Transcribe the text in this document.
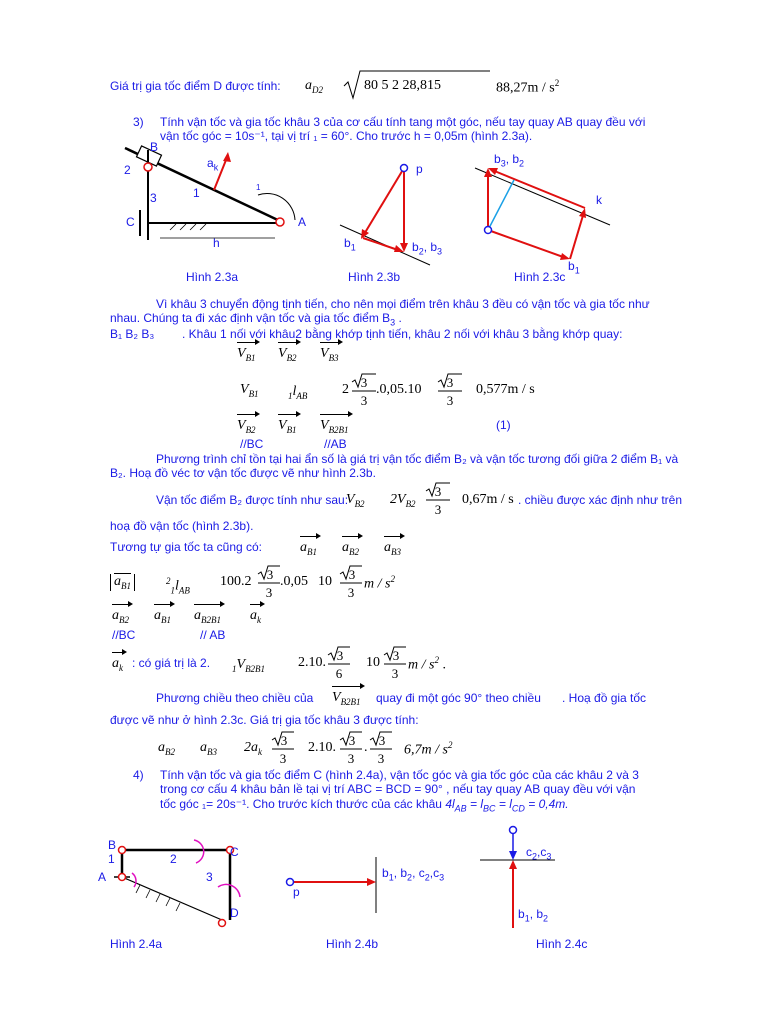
Giá trị gia tốc điểm D được tính: $a_{D2}$	80 5 2 28,815	$88,27m / s^2$
3) Tính vận tốc và gia tốc khâu 3 của cơ cấu tính tang một góc, nếu tay quay AB quay đều với
vận tốc góc = 10s⁻¹, tại vị trí ₁ = 60°. Cho trước h = 0,05m (hình 2.3a).
B
2
3	1
C	A
h
$a_k$
1
Hình 2.3a
p
$b_1$	$b_2$, $b_3$
Hình 2.3b
$b_3$, $b_2$
k
$b_1$
Hình 2.3c
Vì khâu 3 chuyển động tịnh tiến, cho nên mọi điểm trên khâu 3 đều có vận tốc và gia tốc như
nhau. Chúng ta đi xác định vận tốc và gia tốc điểm $B_3$ .
B₁ B₂ B₃ . Khâu 1 nối với khâu2 bằng khớp tịnh tiến, khâu 2 nối với khâu 3 bằng khớp quay:
$V_{B1}$ $V_{B2}$ $V_{B3}$
$V_{B1}$	$_1l_{AB}$ 2 3
3
.0,05.10 3
3
0,577m / s
$V_{B2}$ $V_{B1}$ $V_{B2B1}$	(1)
//BC	//AB
Phương trình chỉ tồn tại hai ẩn số là giá trị vận tốc điểm B₂ và vận tốc tương đối giữa 2 điểm B₁ và
B₂. Hoạ đồ véc tơ vận tốc được vẽ như hình 2.3b.
Vận tốc điểm B₂ được tính như sau:
$V_{B2}$ $2V_{B2}$
3
3
0,67m / s . chiều được xác định như trên
hoạ đồ vận tốc (hình 2.3b).
Tương tự gia tốc ta cũng có:	$a_{B1}$ $a_{B2}$ $a_{B3}$
$a_{B1}$	$^2_1l_{AB}$
100.2 3
3
.0,05 10 3
3
m / $s^2$
$a_{B2}$ $a_{B1}$ $a_{B2B1}$ $a_k$
//BC	// AB
$a_k$ : có giá trị là 2. $_1V_{B2B1}$ 2.10. 3
6
10 3
3
m / $s^2$ .
Phương chiều theo chiều của $V_{B2B1}$ quay đi một góc 90° theo chiều . Hoạ đồ gia tốc
được vẽ như ở hình 2.3c. Giá trị gia tốc khâu 3 được tính:
$a_{B2}$ $a_{B3}$ $2a_k$
3
3
2.10. 3
3
. 3
3
$6,7m / s^2$
4) Tính vận tốc và gia tốc điểm C (hình 2.4a), vận tốc góc và gia tốc góc của các khâu 2 và 3
trong cơ cấu 4 khâu bản lề tại vị trí ABC = BCD = 90° , nếu tay quay AB quay đều với vận
tốc góc ₁= 20s⁻¹. Cho trước kích thước của các khâu $4l_{AB} = l_{BC} = l_{CD} = 0,4m$.
B
1
A
C
2
3
D
Hình 2.4a
p
$b_1$, $b_2$, $c_2,c_3$
Hình 2.4b
$c_2,c_3$
$b_1$, $b_2$
Hình 2.4c
